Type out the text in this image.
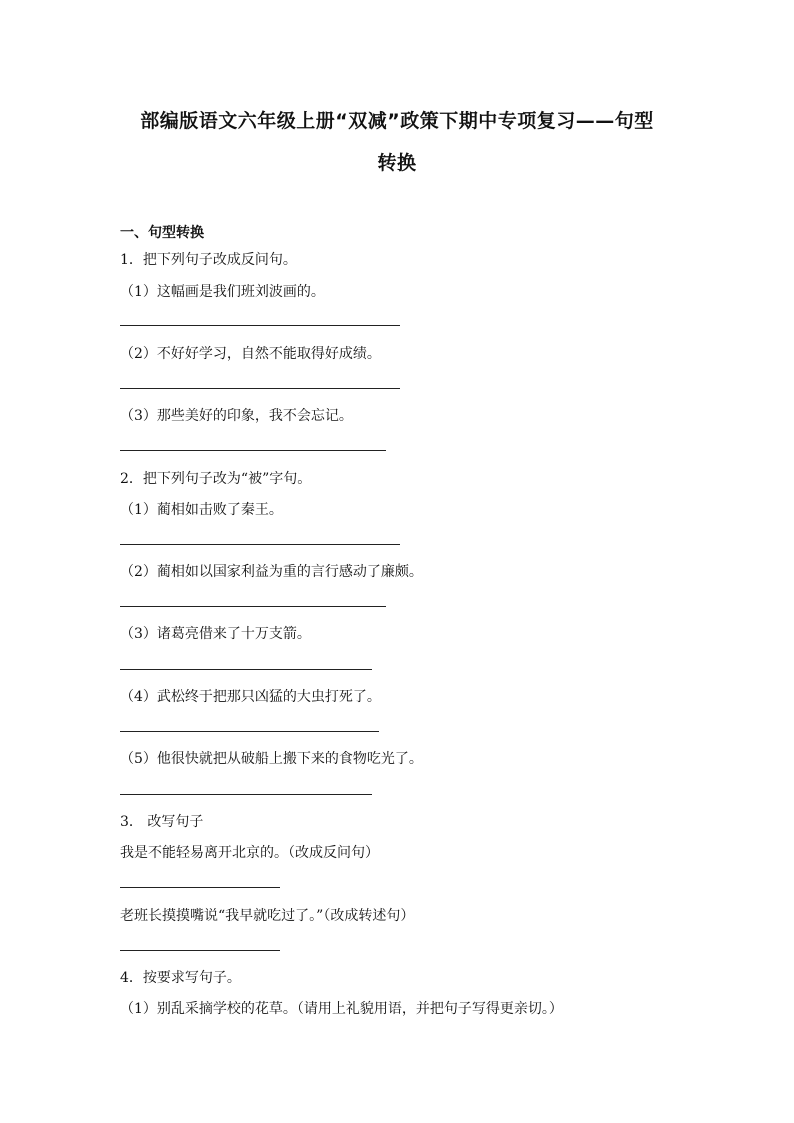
部编版语文六年级上册“双减”政策下期中专项复习——句型
转换
一、句型转换
1．把下列句子改成反问句。
（1）这幅画是我们班刘波画的。
（2）不好好学习，自然不能取得好成绩。
（3）那些美好的印象，我不会忘记。
2．把下列句子改为“被”字句。
（1）蔺相如击败了秦王。
（2）蔺相如以国家利益为重的言行感动了廉颇。
（3）诸葛亮借来了十万支箭。
（4）武松终于把那只凶猛的大虫打死了。
（5）他很快就把从破船上搬下来的食物吃光了。
3． 改写句子
我是不能轻易离开北京的。（改成反问句）
老班长摸摸嘴说“我早就吃过了。”（改成转述句）
4．按要求写句子。
（1）别乱采摘学校的花草。（请用上礼貌用语，并把句子写得更亲切。）
